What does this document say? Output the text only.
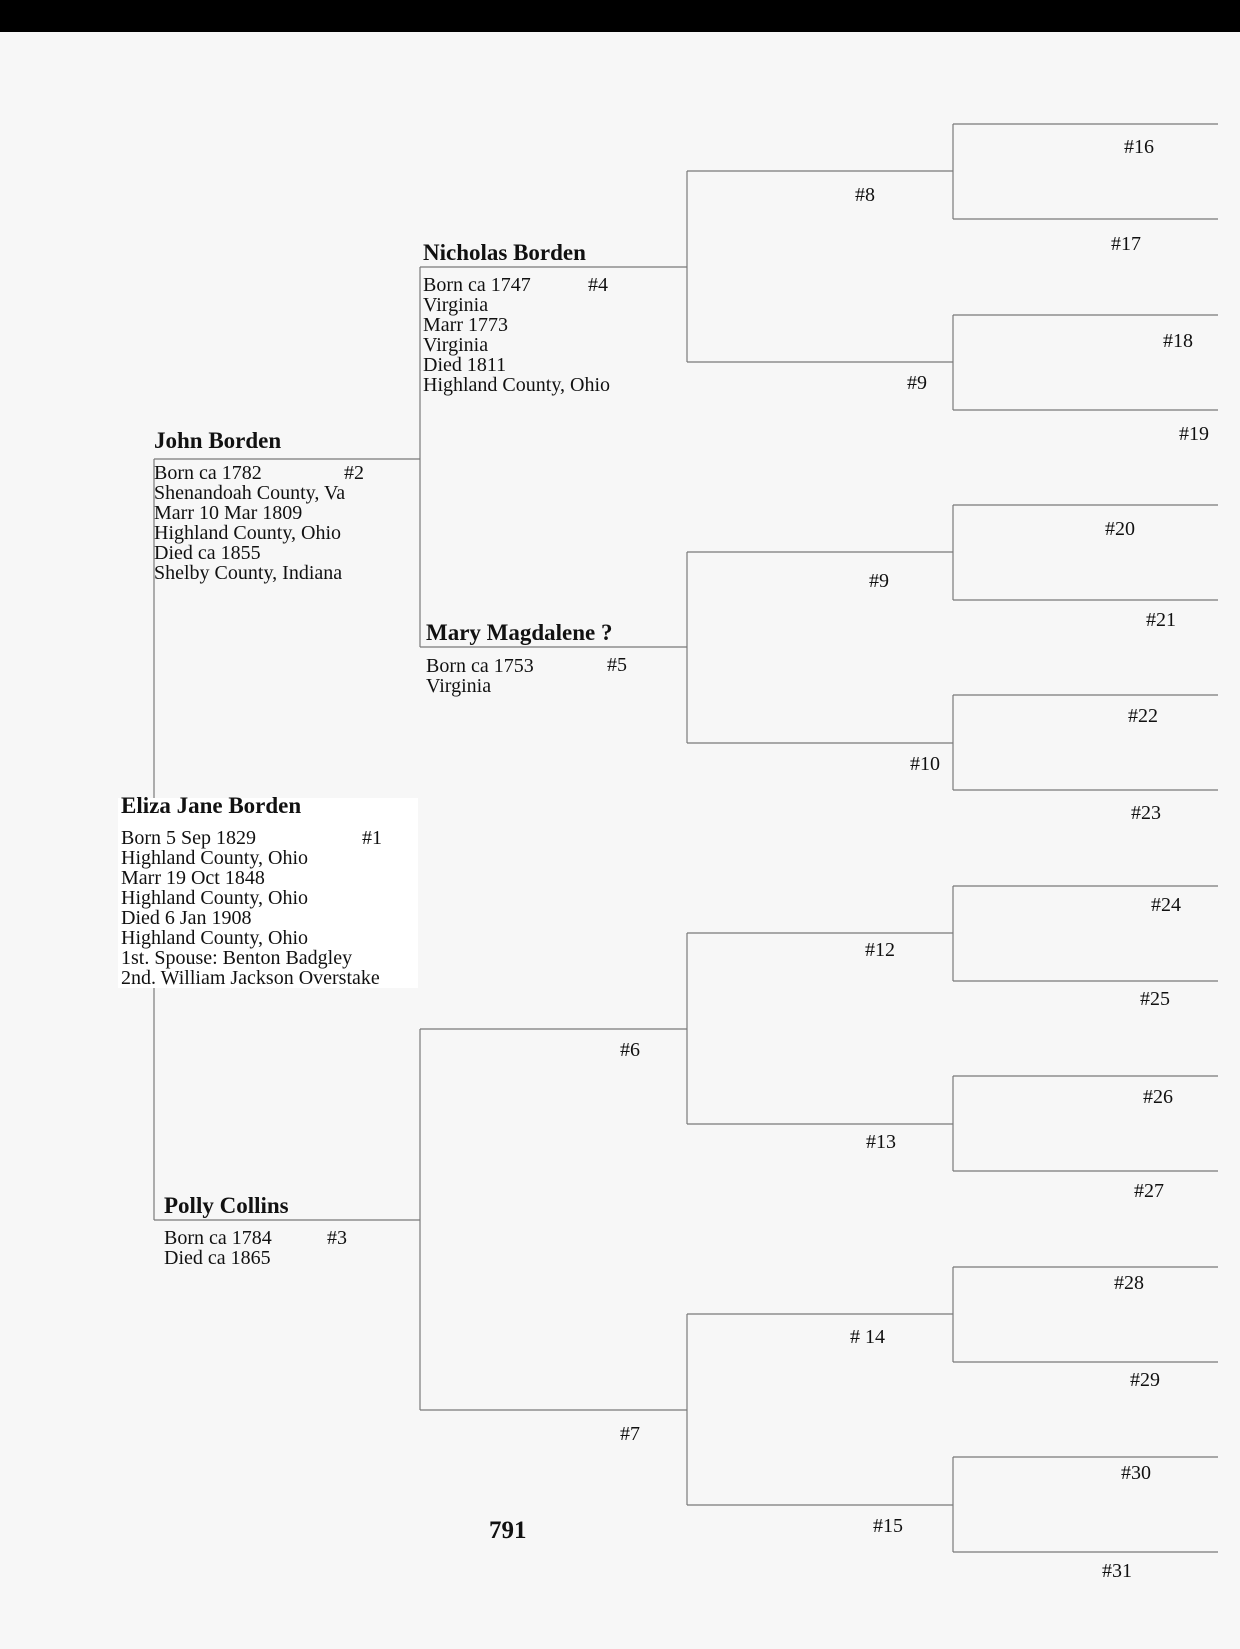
Eliza Jane Borden
#1
Born 5 Sep 1829
Highland County, Ohio
Marr 19 Oct 1848
Highland County, Ohio
Died 6 Jan 1908
Highland County, Ohio
1st. Spouse: Benton Badgley
2nd. William Jackson Overstake
John Borden
#2
Born ca 1782
Shenandoah County, Va
Marr 10 Mar 1809
Highland County, Ohio
Died ca 1855
Shelby County, Indiana
Polly Collins
#3
Born ca 1784
Died ca 1865
Nicholas Borden
#4
Born ca 1747
Virginia
Marr 1773
Virginia
Died 1811
Highland County, Ohio
Mary Magdalene ?
#5
Born ca 1753
Virginia
#6
#7
#8
#9
#9
#10
#12
#13
# 14
#15
#16
#17
#18
#19
#20
#21
#22
#23
#24
#25
#26
#27
#28
#29
#30
#31
791
